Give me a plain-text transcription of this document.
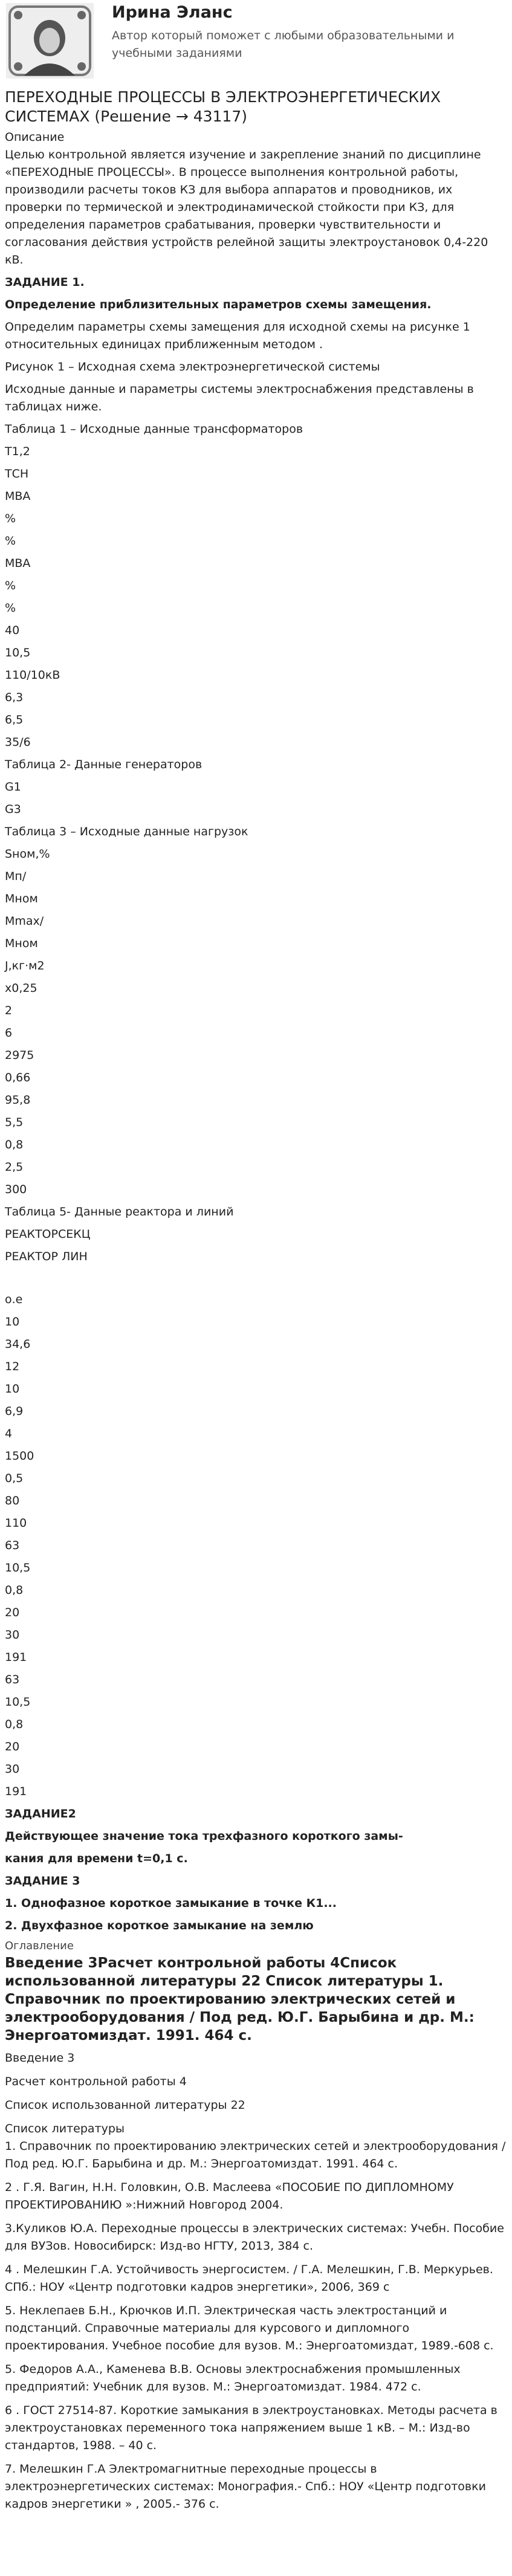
Ирина Эланс
Автор который поможет с любыми образовательными и учебными заданиями
ПЕРЕХОДНЫЕ ПРОЦЕССЫ В ЭЛЕКТРОЭНЕРГЕТИЧЕСКИХ СИСТЕМАХ (Решение → 43117)
Описание
Целью контрольной является изучение и закрепление знаний по дисциплине «ПЕРЕХОДНЫЕ ПРОЦЕССЫ». В процессе выполнения контрольной работы, производили расчеты токов КЗ для выбора аппаратов и проводников, их проверки по термической и электродинамической стойкости при КЗ, для определения параметров срабатывания, проверки чувствительности и согласования действия устройств релейной защиты электроустановок 0,4-220 кВ.
ЗАДАНИЕ 1.
Определение приблизительных параметров схемы замещения.
Определим параметры схемы замещения для исходной схемы на рисунке 1 относительных единицах приближенным методом .
Рисунок 1 – Исходная схема электроэнергетической системы
Исходные данные и параметры системы электроснабжения представлены в таблицах ниже.
Таблица 1 – Исходные данные трансформаторов
Т1,2
ТСН
МВА
%
%
МВА
%
%
40
10,5
110/10кВ
6,3
6,5
35/6
Таблица 2- Данные генераторов
G1
G3
Таблица 3 – Исходные данные нагрузок
Sном,%
Mп/
Mном
Mmax/
Mном
J,кг·м2
x0,25
2
6
2975
0,66
95,8
5,5
0,8
2,5
300
Таблица 5- Данные реактора и линий
РЕАКТОРСЕКЦ
РЕАКТОР ЛИН
о.е
10
34,6
12
10
6,9
4
1500
0,5
80
110
63
10,5
0,8
20
30
191
63
10,5
0,8
20
30
191
ЗАДАНИЕ2
Действующее значение тока трехфазного короткого замы-
кания для времени t=0,1 с.
ЗАДАНИЕ 3
1. Однофазное короткое замыкание в точке К1...
2. Двухфазное короткое замыкание на землю
Оглавление
Введение 3Расчет контрольной работы 4Список использованной литературы 22 Список литературы 1. Справочник по проектированию электрических сетей и электрооборудования / Под ред. Ю.Г. Барыбина и др. М.: Энергоатомиздат. 1991. 464 с.
Введение 3
Расчет контрольной работы 4
Список использованной литературы 22
Список литературы
1. Справочник по проектированию электрических сетей и электрооборудования / Под ред. Ю.Г. Барыбина и др. М.: Энергоатомиздат. 1991. 464 с.
2 . Г.Я. Вагин, Н.Н. Головкин, О.В. Маслеева «ПОСОБИЕ ПО ДИПЛОМНОМУ ПРОЕКТИРОВАНИЮ »:Нижний Новгород 2004.
3.Куликов Ю.А. Переходные процессы в электрических системах: Учебн. Пособие для ВУЗов. Новосибирск: Изд-во НГТУ, 2013, 384 с.
4 . Мелешкин Г.А. Устойчивость энергосистем. / Г.А. Мелешкин, Г.В. Меркурьев. СПб.: НОУ «Центр подготовки кадров энергетики», 2006, 369 с
5. Неклепаев Б.Н., Крючков И.П. Электрическая часть электростанций и подстанций. Справочные материалы для курсового и дипломного проектирования. Учебное пособие для вузов. М.: Энергоатомиздат, 1989.-608 с.
5. Федоров А.А., Каменева В.В. Основы электроснабжения промышленных предприятий: Учебник для вузов. М.: Энергоатомиздат. 1984. 472 с.
6 . ГОСТ 27514-87. Короткие замыкания в электроустановках. Методы расчета в электроустановках переменного тока напряжением выше 1 кВ. – М.: Изд-во стандартов, 1988. – 40 с.
7. Мелешкин Г.А Электромагнитные переходные процессы в электроэнергетических системах: Монография.- Спб.: НОУ «Центр подготовки кадров энергетики » , 2005.- 376 с.
